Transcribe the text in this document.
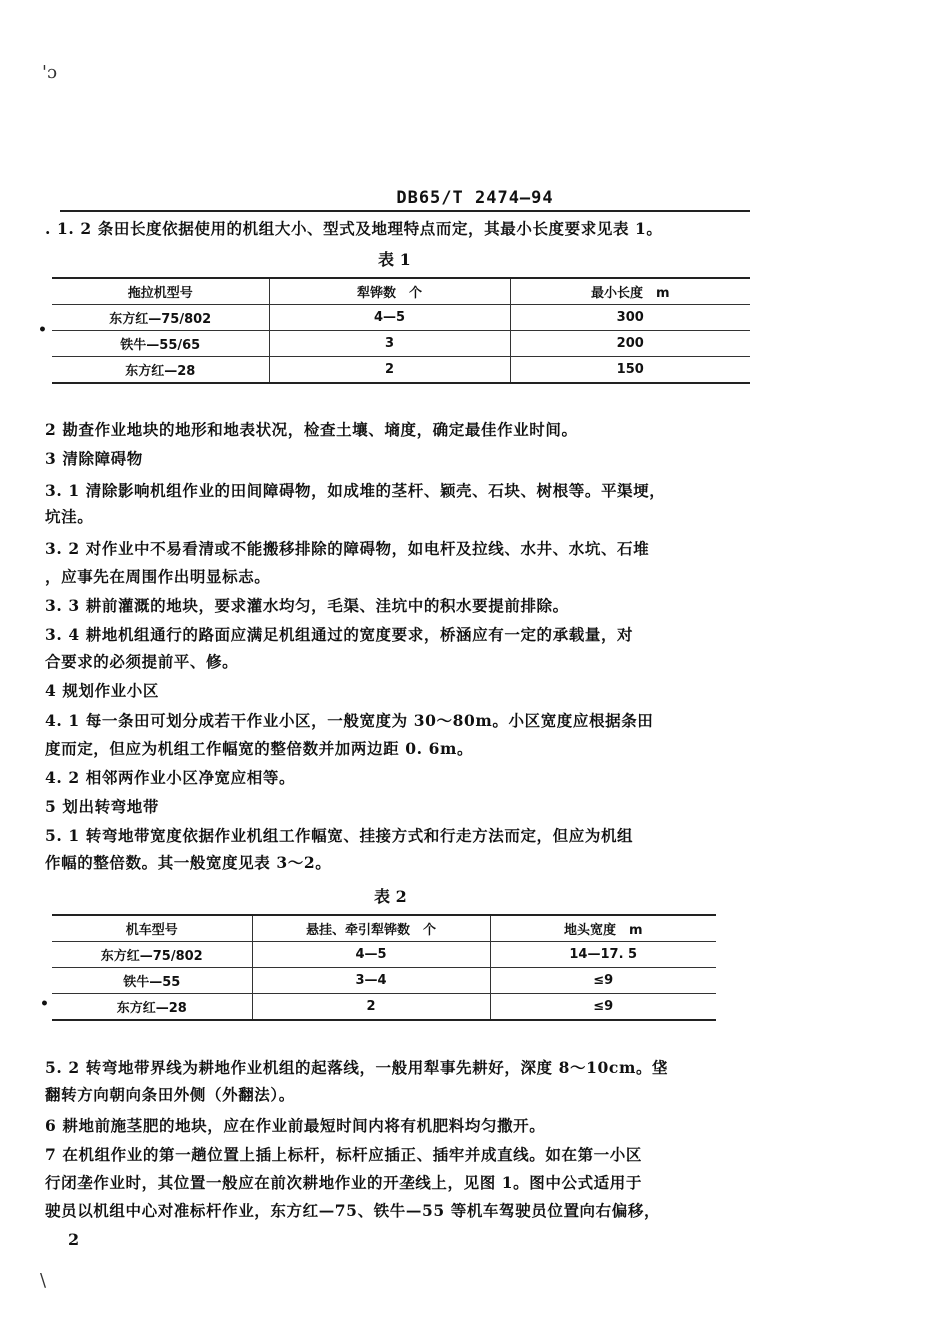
'ɔ
DB65/T 2474—94
. 1. 2 条田长度依据使用的机组大小、型式及地理特点而定，其最小长度要求见表 1。
表 1
拖拉机型号	犁铧数　个	最小长度　m
东方红—75/802	4—5	300
铁牛—55/65	3	200
东方红—28	2	150
2 勘查作业地块的地形和地表状况，检查土壤、墒度，确定最佳作业时间。
3 清除障碍物
3. 1 清除影响机组作业的田间障碍物，如成堆的茎杆、颖壳、石块、树根等。平渠埂，
坑洼。
3. 2 对作业中不易看清或不能搬移排除的障碍物，如电杆及拉线、水井、水坑、石堆
，应事先在周围作出明显标志。
3. 3 耕前灌溉的地块，要求灌水均匀，毛渠、洼坑中的积水要提前排除。
3. 4 耕地机组通行的路面应满足机组通过的宽度要求，桥涵应有一定的承载量，对
合要求的必须提前平、修。
4 规划作业小区
4. 1 每一条田可划分成若干作业小区，一般宽度为 30～80m。小区宽度应根据条田
度而定，但应为机组工作幅宽的整倍数并加两边距 0. 6m。
4. 2 相邻两作业小区净宽应相等。
5 划出转弯地带
5. 1 转弯地带宽度依据作业机组工作幅宽、挂接方式和行走方法而定，但应为机组
作幅的整倍数。其一般宽度见表 3～2。
表 2
机车型号	悬挂、牵引犁铧数　个	地头宽度　m
东方红—75/802	4—5	14—17. 5
铁牛—55	3—4	≤9
东方红—28	2	≤9
•
•
5. 2 转弯地带界线为耕地作业机组的起落线，一般用犁事先耕好，深度 8～10cm。垡
翻转方向朝向条田外侧（外翻法）。
6 耕地前施茎肥的地块，应在作业前最短时间内将有机肥料均匀撒开。
7 在机组作业的第一趟位置上插上标杆，标杆应插正、插牢并成直线。如在第一小区
行闭垄作业时，其位置一般应在前次耕地作业的开垄线上，见图 1。图中公式适用于
驶员以机组中心对准标杆作业，东方红—75、铁牛—55 等机车驾驶员位置向右偏移，
2
\
